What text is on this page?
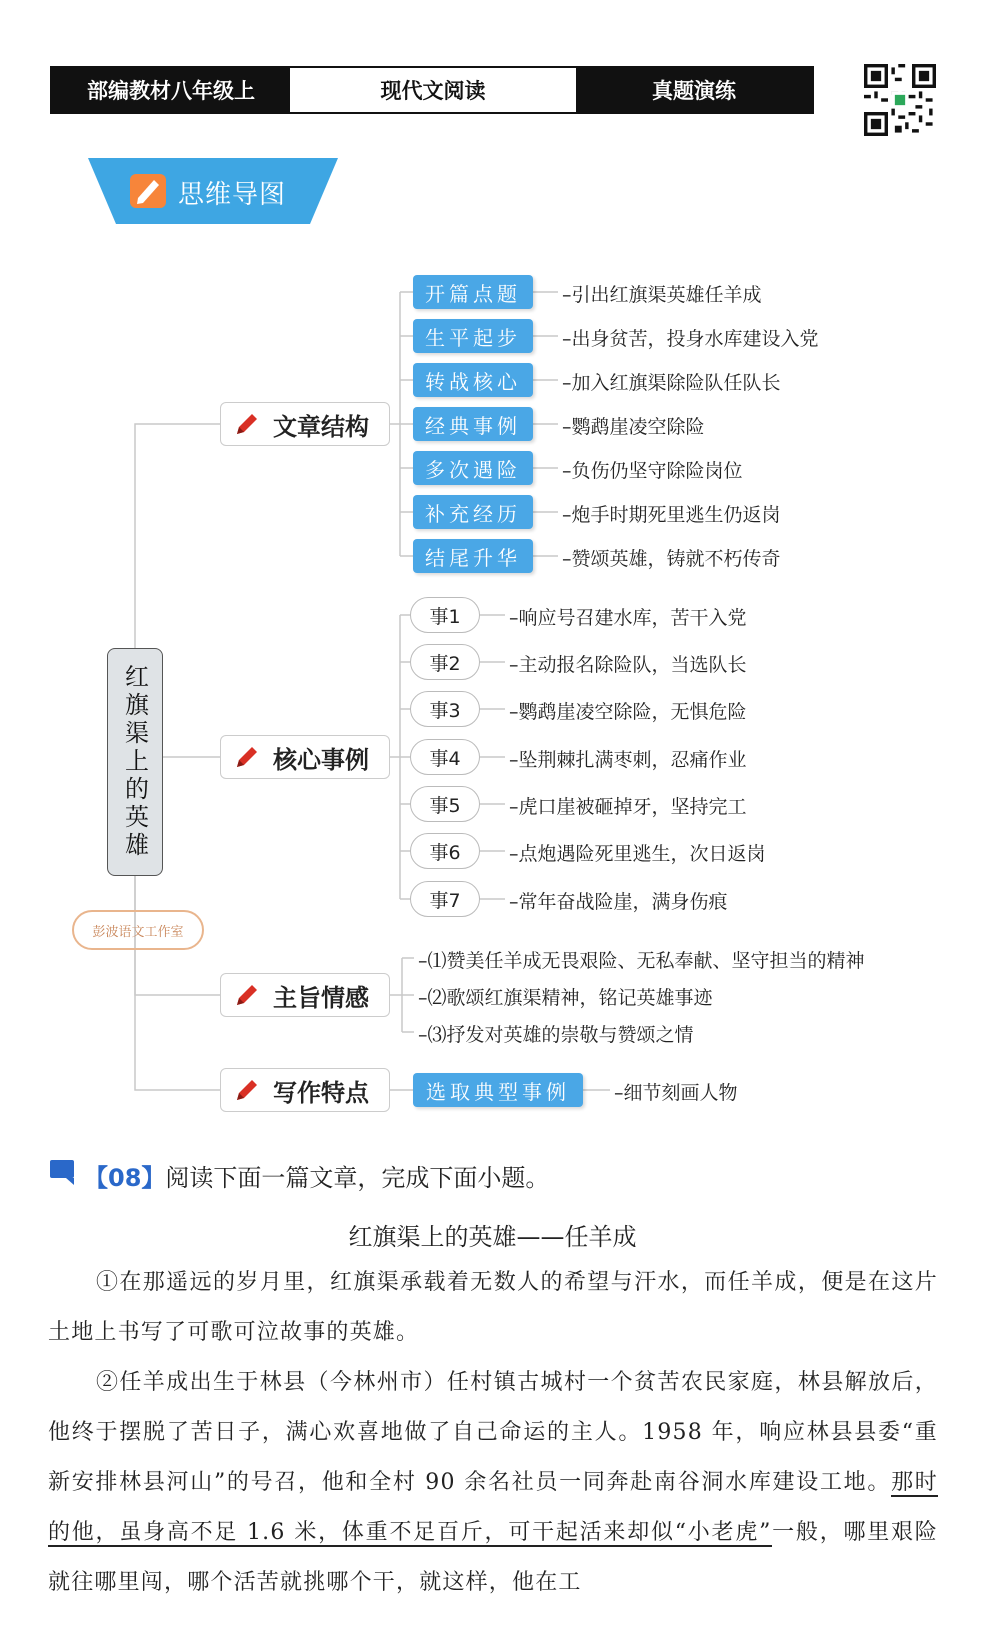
部编教材八年级上	现代文阅读	真题演练
思维导图
红旗渠上的英雄
彭波语文工作室
文章结构
开篇点题	–引出红旗渠英雄任羊成
生平起步	–出身贫苦，投身水库建设入党
转战核心	–加入红旗渠除险队任队长
经典事例	–鹦鹉崖凌空除险
多次遇险	–负伤仍坚守除险岗位
补充经历	–炮手时期死里逃生仍返岗
结尾升华	–赞颂英雄，铸就不朽传奇
核心事例
事1	–响应号召建水库，苦干入党
事2	–主动报名除险队，当选队长
事3	–鹦鹉崖凌空除险，无惧危险
事4	–坠荆棘扎满枣刺，忍痛作业
事5	–虎口崖被砸掉牙，坚持完工
事6	–点炮遇险死里逃生，次日返岗
事7	–常年奋战险崖，满身伤痕
主旨情感
–⑴赞美任羊成无畏艰险、无私奉献、坚守担当的精神
–⑵歌颂红旗渠精神，铭记英雄事迹
–⑶抒发对英雄的崇敬与赞颂之情
写作特点	选取典型事例	–细节刻画人物
【08】阅读下面一篇文章，完成下面小题。
红旗渠上的英雄——任羊成
①在那遥远的岁月里，红旗渠承载着无数人的希望与汗水，而任羊成，便是在这片土地上书写了可歌可泣故事的英雄。
②任羊成出生于林县（今林州市）任村镇古城村一个贫苦农民家庭，林县解放后，他终于摆脱了苦日子，满心欢喜地做了自己命运的主人。1958 年，响应林县县委“重新安排林县河山”的号召，他和全村 90 余名社员一同奔赴南谷洞水库建设工地。那时的他，虽身高不足 1.6 米，体重不足百斤，可干起活来却似“小老虎”一般，哪里艰险就往哪里闯，哪个活苦就挑哪个干，就这样，他在工
